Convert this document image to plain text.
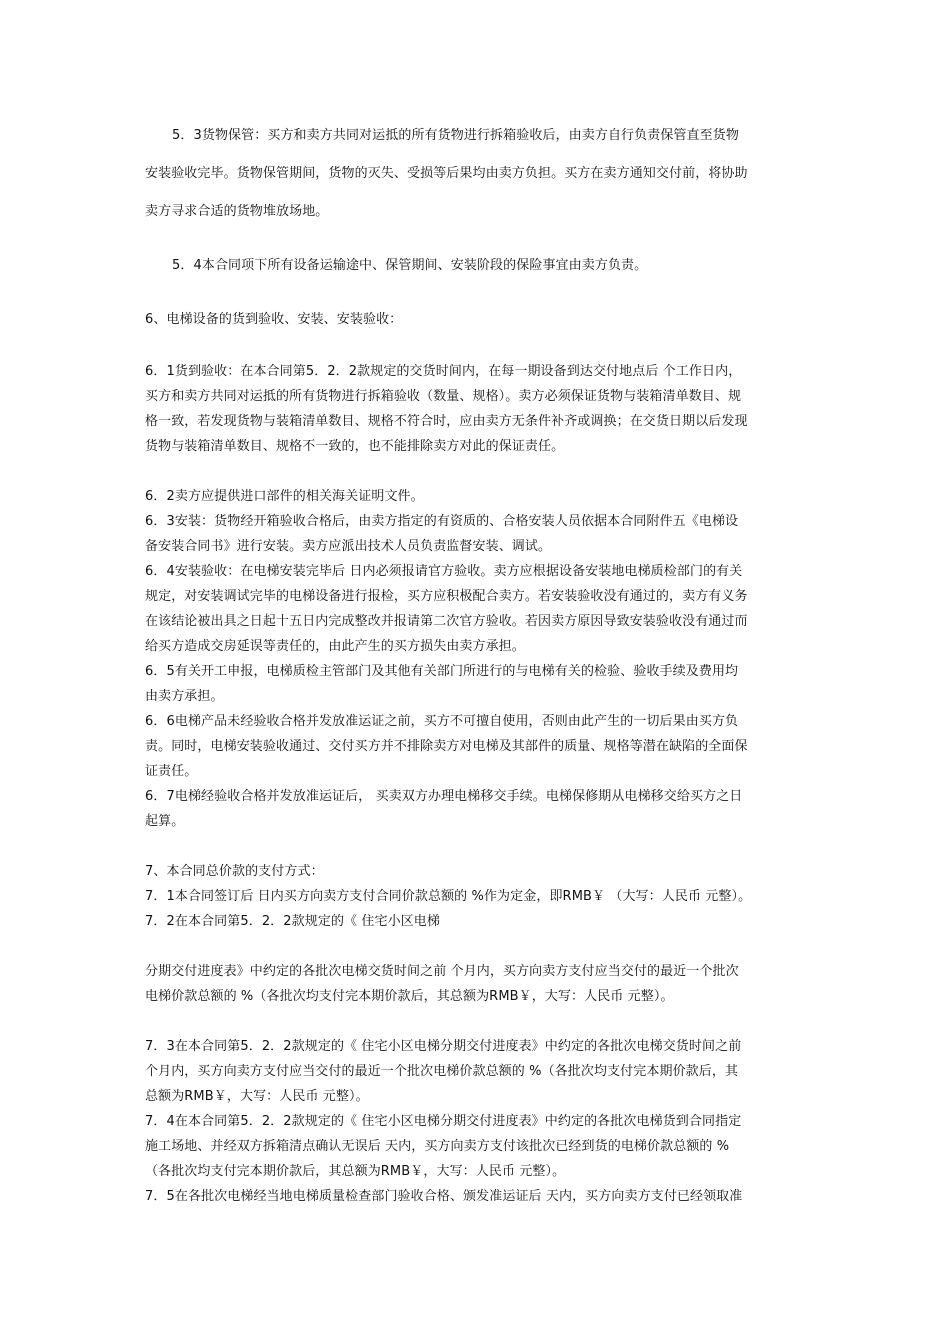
5．3货物保管：买方和卖方共同对运抵的所有货物进行拆箱验收后，由卖方自行负责保管直至货物
安装验收完毕。货物保管期间，货物的灭失、受损等后果均由卖方负担。买方在卖方通知交付前，将协助
卖方寻求合适的货物堆放场地。
5．4本合同项下所有设备运输途中、保管期间、安装阶段的保险事宜由卖方负责。
6、电梯设备的货到验收、安装、安装验收：
6．1货到验收：在本合同第5．2．2款规定的交货时间内，在每一期设备到达交付地点后 个工作日内，
买方和卖方共同对运抵的所有货物进行拆箱验收（数量、规格）。卖方必须保证货物与装箱清单数目、规
格一致，若发现货物与装箱清单数目、规格不符合时，应由卖方无条件补齐或调换；在交货日期以后发现
货物与装箱清单数目、规格不一致的，也不能排除卖方对此的保证责任。
6．2卖方应提供进口部件的相关海关证明文件。
6．3安装：货物经开箱验收合格后，由卖方指定的有资质的、合格安装人员依据本合同附件五《电梯设
备安装合同书》进行安装。卖方应派出技术人员负责监督安装、调试。
6．4安装验收：在电梯安装完毕后 日内必须报请官方验收。卖方应根据设备安装地电梯质检部门的有关
规定，对安装调试完毕的电梯设备进行报检，买方应积极配合卖方。若安装验收没有通过的，卖方有义务
在该结论被出具之日起十五日内完成整改并报请第二次官方验收。若因卖方原因导致安装验收没有通过而
给买方造成交房延误等责任的，由此产生的买方损失由卖方承担。
6．5有关开工申报，电梯质检主管部门及其他有关部门所进行的与电梯有关的检验、验收手续及费用均
由卖方承担。
6．6电梯产品未经验收合格并发放准运证之前，买方不可擅自使用，否则由此产生的一切后果由买方负
责。同时，电梯安装验收通过、交付买方并不排除卖方对电梯及其部件的质量、规格等潜在缺陷的全面保
证责任。
6．7电梯经验收合格并发放准运证后， 买卖双方办理电梯移交手续。电梯保修期从电梯移交给买方之日
起算。
7、本合同总价款的支付方式：
7．1本合同签订后 日内买方向卖方支付合同价款总额的 %作为定金，即RMB￥ （大写：人民币 元整）。
7．2在本合同第5．2．2款规定的《 住宅小区电梯
分期交付进度表》中约定的各批次电梯交货时间之前 个月内，买方向卖方支付应当交付的最近一个批次
电梯价款总额的 %（各批次均支付完本期价款后，其总额为RMB￥，大写：人民币 元整）。
7．3在本合同第5．2．2款规定的《 住宅小区电梯分期交付进度表》中约定的各批次电梯交货时间之前
个月内，买方向卖方支付应当交付的最近一个批次电梯价款总额的 %（各批次均支付完本期价款后，其
总额为RMB￥，大写：人民币 元整）。
7．4在本合同第5．2．2款规定的《 住宅小区电梯分期交付进度表》中约定的各批次电梯货到合同指定
施工场地、并经双方拆箱清点确认无误后 天内，买方向卖方支付该批次已经到货的电梯价款总额的 %
（各批次均支付完本期价款后，其总额为RMB￥，大写：人民币 元整）。
7．5在各批次电梯经当地电梯质量检查部门验收合格、颁发准运证后 天内，买方向卖方支付已经领取准
